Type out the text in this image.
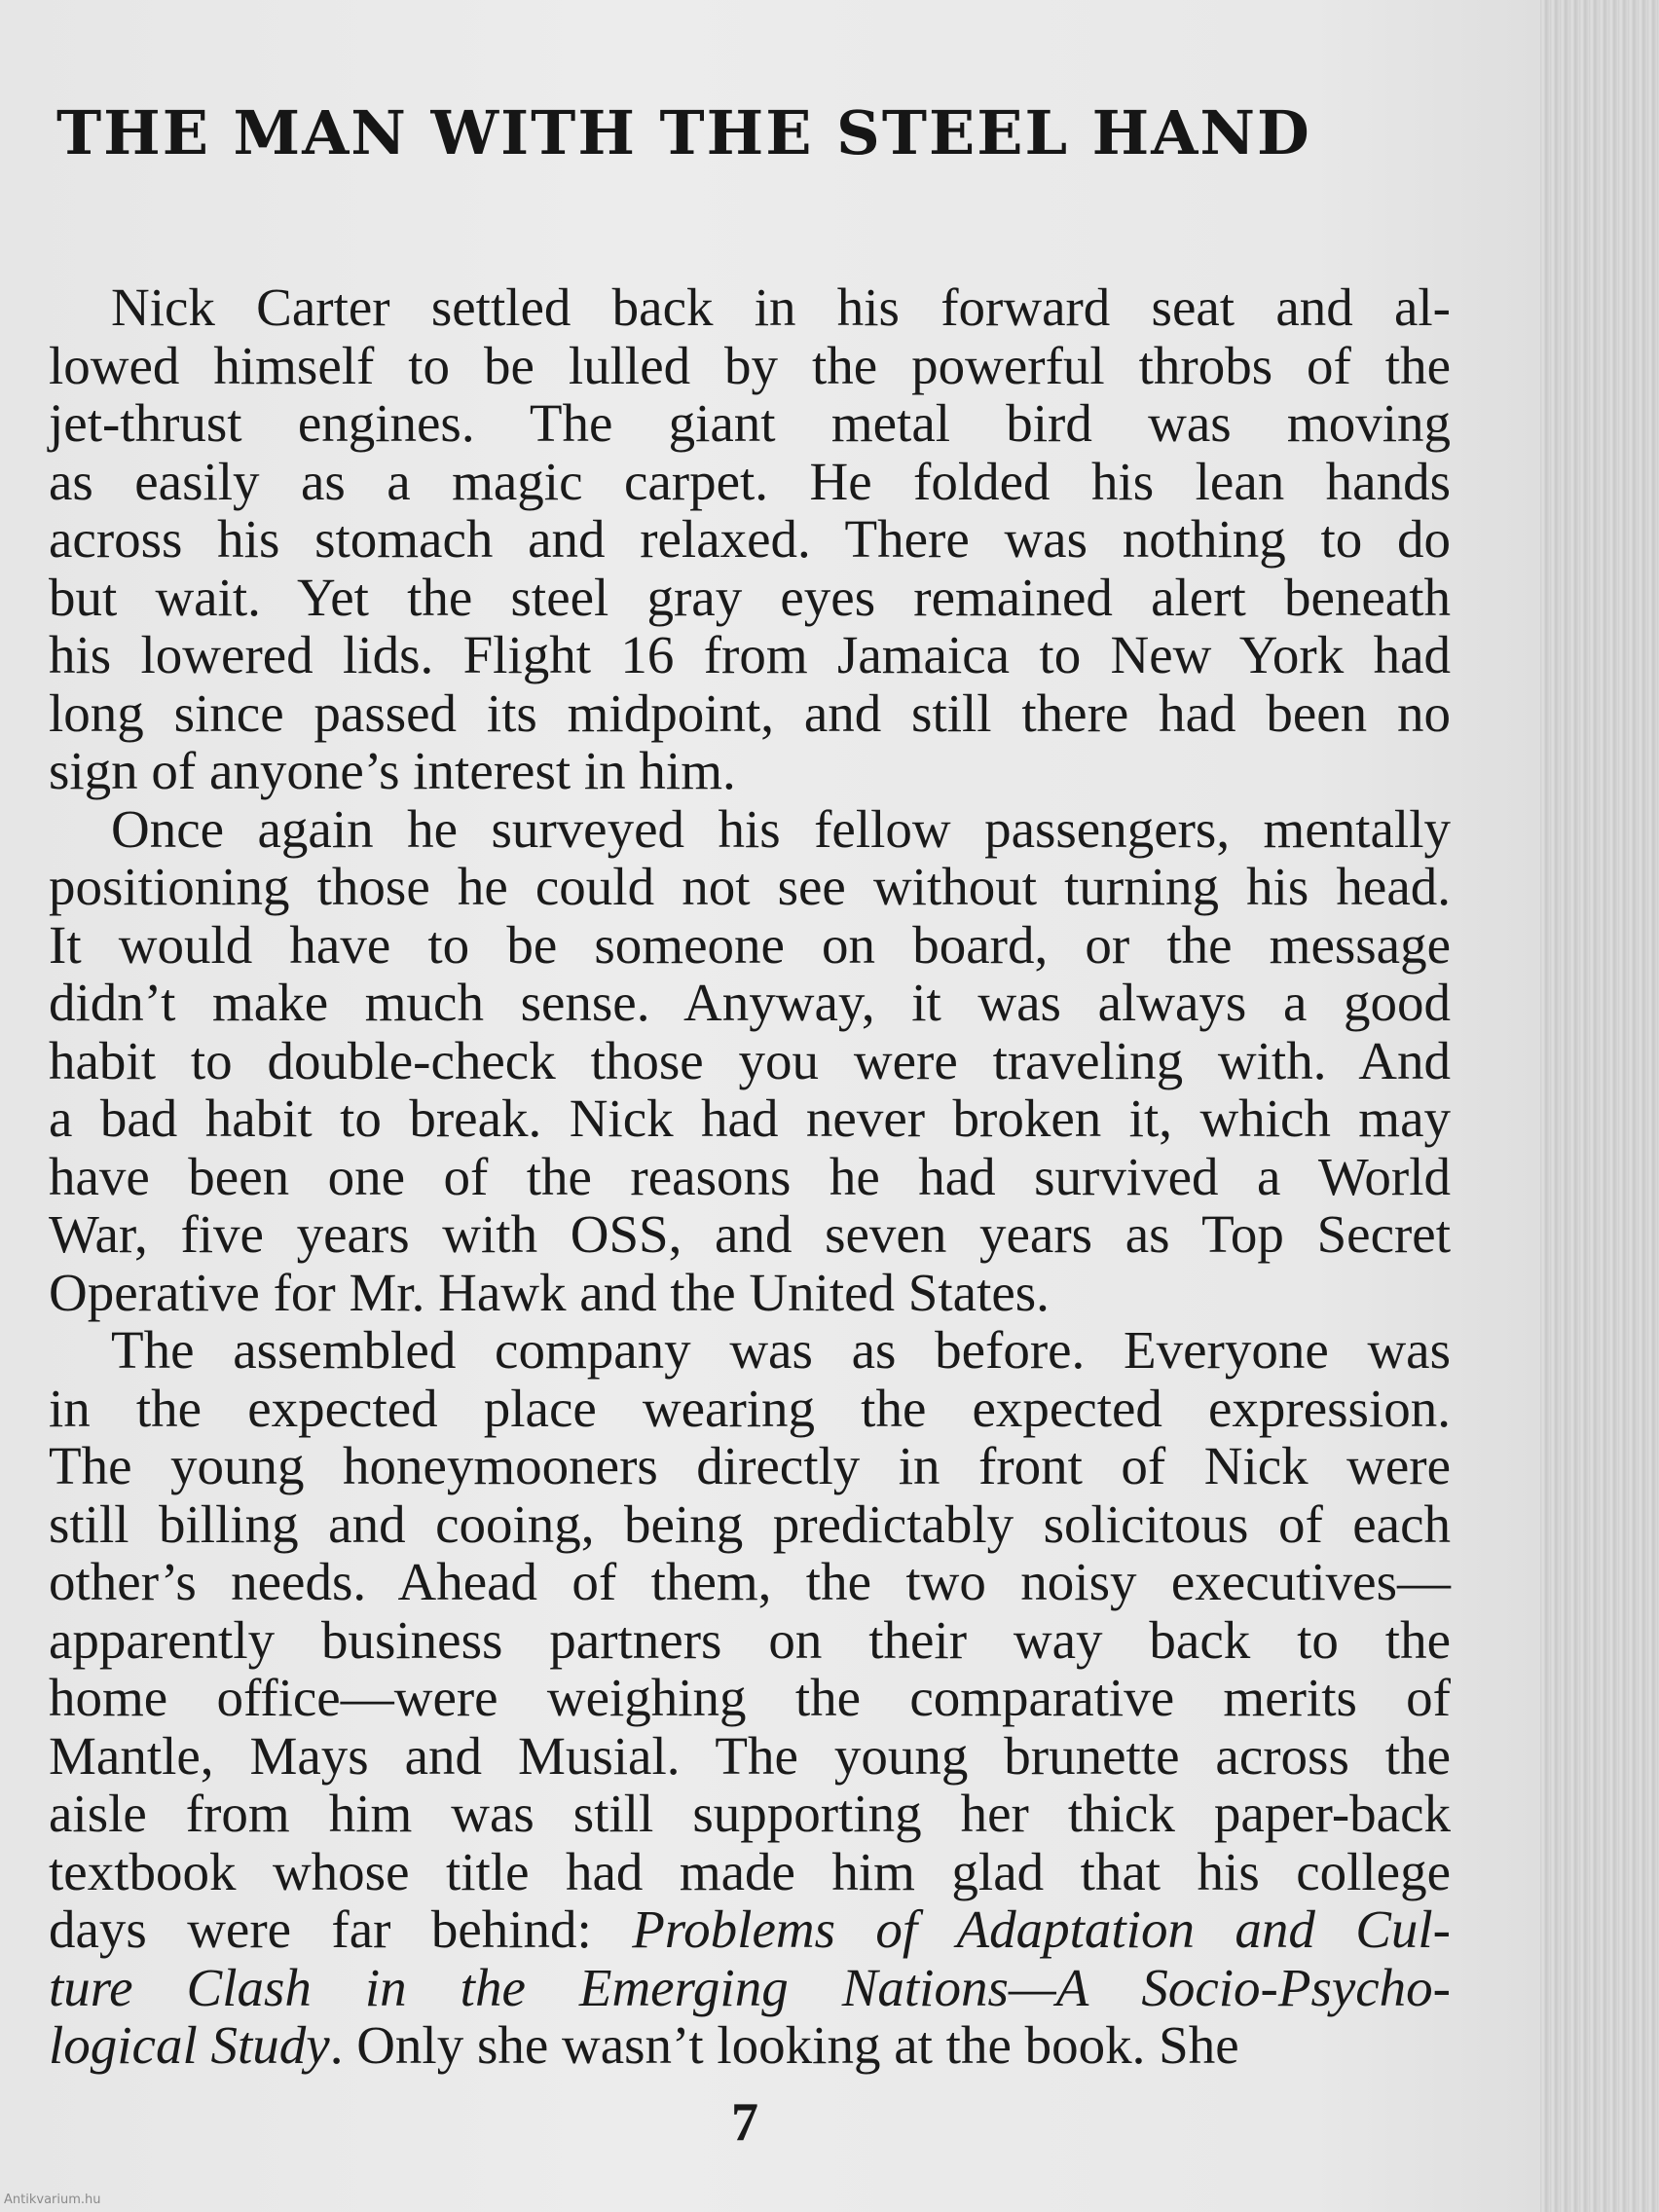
THE MAN WITH THE STEEL HAND
Nick Carter settled back in his forward seat and al-
lowed himself to be lulled by the powerful throbs of the
jet-thrust engines. The giant metal bird was moving
as easily as a magic carpet. He folded his lean hands
across his stomach and relaxed. There was nothing to do
but wait. Yet the steel gray eyes remained alert beneath
his lowered lids. Flight 16 from Jamaica to New York had
long since passed its midpoint, and still there had been no
sign of anyone’s interest in him.
Once again he surveyed his fellow passengers, mentally
positioning those he could not see without turning his head.
It would have to be someone on board, or the message
didn’t make much sense. Anyway, it was always a good
habit to double-check those you were traveling with. And
a bad habit to break. Nick had never broken it, which may
have been one of the reasons he had survived a World
War, five years with OSS, and seven years as Top Secret
Operative for Mr. Hawk and the United States.
The assembled company was as before. Everyone was
in the expected place wearing the expected expression.
The young honeymooners directly in front of Nick were
still billing and cooing, being predictably solicitous of each
other’s needs. Ahead of them, the two noisy executives—
apparently business partners on their way back to the
home office—were weighing the comparative merits of
Mantle, Mays and Musial. The young brunette across the
aisle from him was still supporting her thick paper-back
textbook whose title had made him glad that his college
days were far behind: Problems of Adaptation and Cul-
ture Clash in the Emerging Nations—A Socio-Psycho-
logical Study. Only she wasn’t looking at the book. She
7
Antikvarium.hu
